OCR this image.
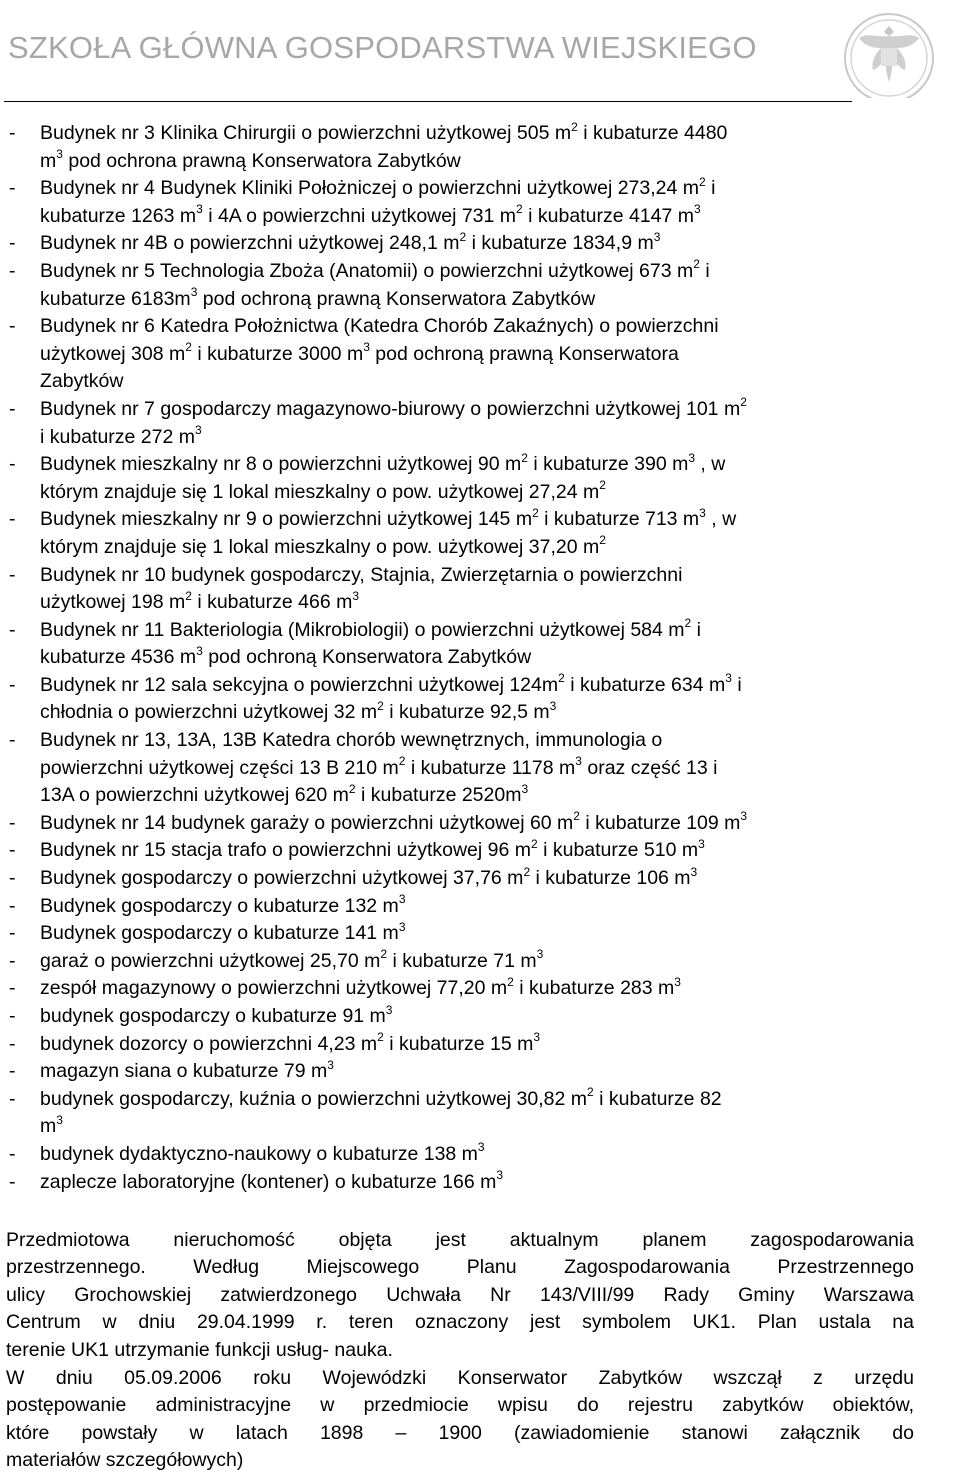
SZKOŁA GŁÓWNA GOSPODARSTWA WIEJSKIEGO
- Budynek nr 3 Klinika Chirurgii o powierzchni użytkowej 505 $m^2$ i kubaturze 4480
$m^3$ pod ochrona prawną Konserwatora Zabytków
- Budynek nr 4 Budynek Kliniki Położniczej o powierzchni użytkowej 273,24 $m^2$ i
kubaturze 1263 $m^3$ i 4A o powierzchni użytkowej 731 $m^2$ i kubaturze 4147 $m^3$
- Budynek nr 4B o powierzchni użytkowej 248,1 $m^2$ i kubaturze 1834,9 $m^3$
- Budynek nr 5 Technologia Zboża (Anatomii) o powierzchni użytkowej 673 $m^2$ i
kubaturze $6183m^3$ pod ochroną prawną Konserwatora Zabytków
- Budynek nr 6 Katedra Położnictwa (Katedra Chorób Zakaźnych) o powierzchni
użytkowej 308 $m^2$ i kubaturze 3000 $m^3$ pod ochroną prawną Konserwatora
Zabytków
- Budynek nr 7 gospodarczy magazynowo-biurowy o powierzchni użytkowej 101 $m^2$
i kubaturze 272 $m^3$
- Budynek mieszkalny nr 8 o powierzchni użytkowej 90 $m^2$ i kubaturze 390 $m^3$ , w
którym znajduje się 1 lokal mieszkalny o pow. użytkowej 27,24 $m^2$
- Budynek mieszkalny nr 9 o powierzchni użytkowej 145 $m^2$ i kubaturze 713 $m^3$ , w
którym znajduje się 1 lokal mieszkalny o pow. użytkowej 37,20 $m^2$
- Budynek nr 10 budynek gospodarczy, Stajnia, Zwierzętarnia o powierzchni
użytkowej 198 $m^2$ i kubaturze 466 $m^3$
- Budynek nr 11 Bakteriologia (Mikrobiologii) o powierzchni użytkowej 584 $m^2$ i
kubaturze 4536 $m^3$ pod ochroną Konserwatora Zabytków
- Budynek nr 12 sala sekcyjna o powierzchni użytkowej $124m^2$ i kubaturze 634 $m^3$ i
chłodnia o powierzchni użytkowej 32 $m^2$ i kubaturze 92,5 $m^3$
- Budynek nr 13, 13A, 13B Katedra chorób wewnętrznych, immunologia o
powierzchni użytkowej części 13 B 210 $m^2$ i kubaturze 1178 $m^3$ oraz część 13 i
13A o powierzchni użytkowej 620 $m^2$ i kubaturze $2520m^3$
- Budynek nr 14 budynek garaży o powierzchni użytkowej 60 $m^2$ i kubaturze 109 $m^3$
- Budynek nr 15 stacja trafo o powierzchni użytkowej 96 $m^2$ i kubaturze 510 $m^3$
- Budynek gospodarczy o powierzchni użytkowej 37,76 $m^2$ i kubaturze 106 $m^3$
- Budynek gospodarczy o kubaturze 132 $m^3$
- Budynek gospodarczy o kubaturze 141 $m^3$
- garaż o powierzchni użytkowej 25,70 $m^2$ i kubaturze 71 $m^3$
- zespół magazynowy o powierzchni użytkowej 77,20 $m^2$ i kubaturze 283 $m^3$
- budynek gospodarczy o kubaturze 91 $m^3$
- budynek dozorcy o powierzchni 4,23 $m^2$ i kubaturze 15 $m^3$
- magazyn siana o kubaturze 79 $m^3$
- budynek gospodarczy, kuźnia o powierzchni użytkowej 30,82 $m^2$ i kubaturze 82
$m^3$
- budynek dydaktyczno-naukowy o kubaturze 138 $m^3$
- zaplecze laboratoryjne (kontener) o kubaturze 166 $m^3$

Przedmiotowa nieruchomość objęta jest aktualnym planem zagospodarowania
przestrzennego. Według Miejscowego Planu Zagospodarowania Przestrzennego
ulicy Grochowskiej zatwierdzonego Uchwała Nr 143/VIII/99 Rady Gminy Warszawa
Centrum w dniu 29.04.1999 r. teren oznaczony jest symbolem UK1. Plan ustala na
terenie UK1 utrzymanie funkcji usług- nauka.

W dniu 05.09.2006 roku Wojewódzki Konserwator Zabytków wszczął z urzędu
postępowanie administracyjne w przedmiocie wpisu do rejestru zabytków obiektów,
które powstały w latach 1898 – 1900 (zawiadomienie stanowi załącznik do
materiałów szczegółowych)
